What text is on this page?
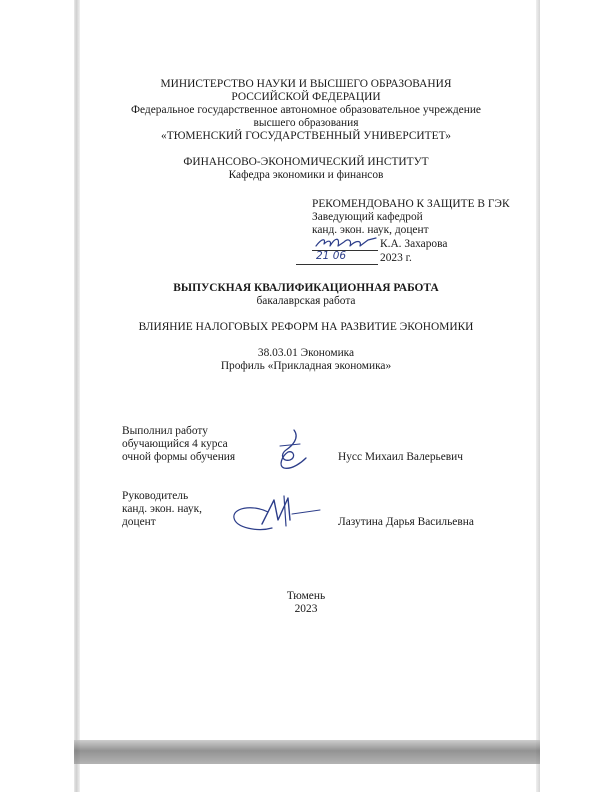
МИНИСТЕРСТВО НАУКИ И ВЫСШЕГО ОБРАЗОВАНИЯ
РОССИЙСКОЙ ФЕДЕРАЦИИ
Федеральное государственное автономное образовательное учреждение
высшего образования
«ТЮМЕНСКИЙ ГОСУДАРСТВЕННЫЙ УНИВЕРСИТЕТ»
ФИНАНСОВО-ЭКОНОМИЧЕСКИЙ ИНСТИТУТ
Кафедра экономики и финансов
РЕКОМЕНДОВАНО К ЗАЩИТЕ В ГЭК
Заведующий кафедрой
канд. экон. наук, доцент
К.А. Захарова
21 06	2023 г.
ВЫПУСКНАЯ КВАЛИФИКАЦИОННАЯ РАБОТА
бакалаврская работа
ВЛИЯНИЕ НАЛОГОВЫХ РЕФОРМ НА РАЗВИТИЕ ЭКОНОМИКИ
38.03.01 Экономика
Профиль «Прикладная экономика»
Выполнил работу
обучающийся 4 курса
очной формы обучения	Нусс Михаил Валерьевич
Руководитель
канд. экон. наук,
доцент	Лазутина Дарья Васильевна
Тюмень
2023
